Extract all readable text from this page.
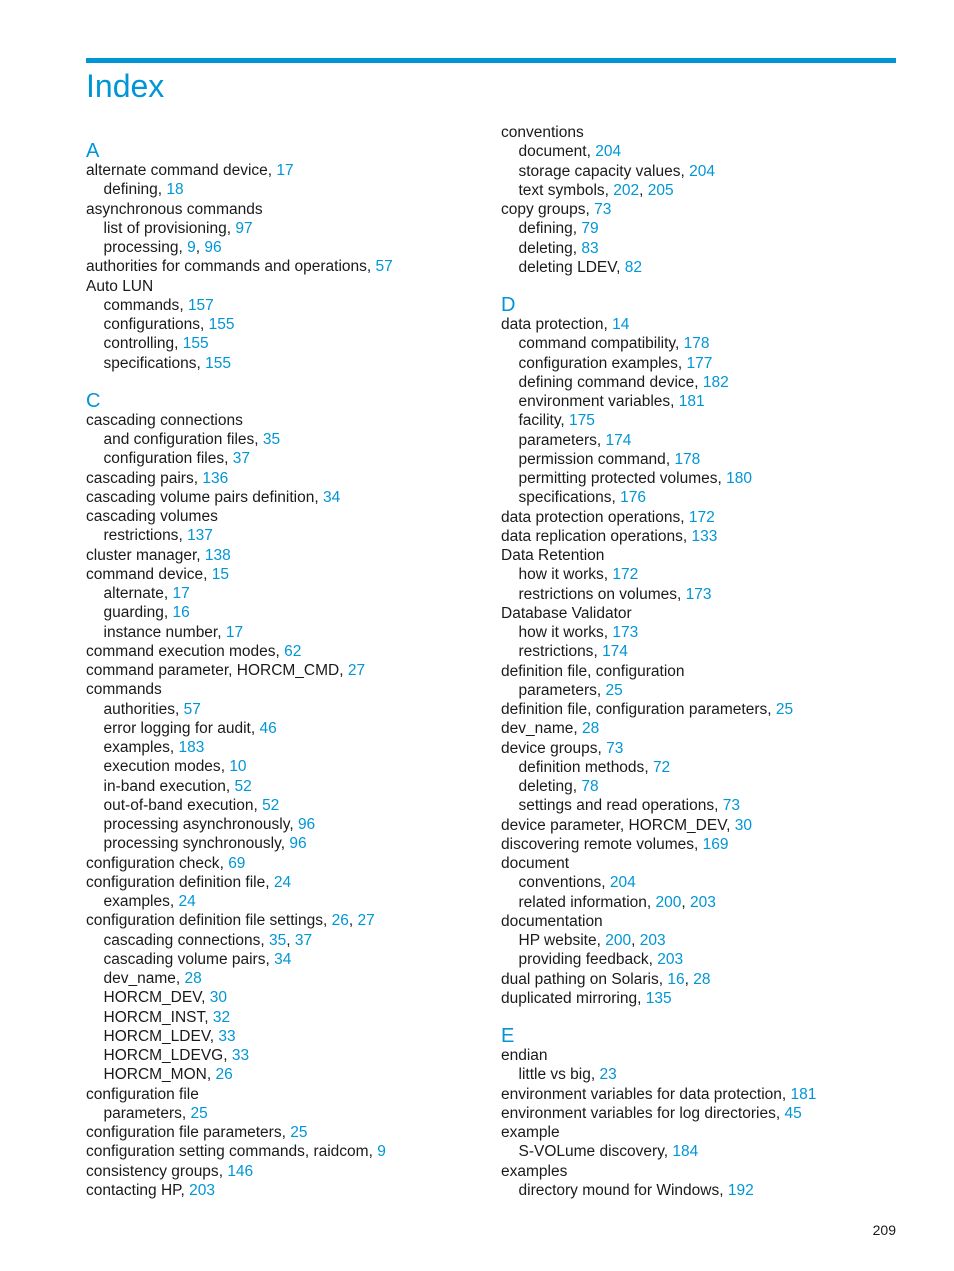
Index
A
alternate command device, 17
defining, 18
asynchronous commands
list of provisioning, 97
processing, 9, 96
authorities for commands and operations, 57
Auto LUN
commands, 157
configurations, 155
controlling, 155
specifications, 155
C
cascading connections
and configuration files, 35
configuration files, 37
cascading pairs, 136
cascading volume pairs definition, 34
cascading volumes
restrictions, 137
cluster manager, 138
command device, 15
alternate, 17
guarding, 16
instance number, 17
command execution modes, 62
command parameter, HORCM_CMD, 27
commands
authorities, 57
error logging for audit, 46
examples, 183
execution modes, 10
in-band execution, 52
out-of-band execution, 52
processing asynchronously, 96
processing synchronously, 96
configuration check, 69
configuration definition file, 24
examples, 24
configuration definition file settings, 26, 27
cascading connections, 35, 37
cascading volume pairs, 34
dev_name, 28
HORCM_DEV, 30
HORCM_INST, 32
HORCM_LDEV, 33
HORCM_LDEVG, 33
HORCM_MON, 26
configuration file
parameters, 25
configuration file parameters, 25
configuration setting commands, raidcom, 9
consistency groups, 146
contacting HP, 203
conventions
document, 204
storage capacity values, 204
text symbols, 202, 205
copy groups, 73
defining, 79
deleting, 83
deleting LDEV, 82
D
data protection, 14
command compatibility, 178
configuration examples, 177
defining command device, 182
environment variables, 181
facility, 175
parameters, 174
permission command, 178
permitting protected volumes, 180
specifications, 176
data protection operations, 172
data replication operations, 133
Data Retention
how it works, 172
restrictions on volumes, 173
Database Validator
how it works, 173
restrictions, 174
definition file, configuration
parameters, 25
definition file, configuration parameters, 25
dev_name, 28
device groups, 73
definition methods, 72
deleting, 78
settings and read operations, 73
device parameter, HORCM_DEV, 30
discovering remote volumes, 169
document
conventions, 204
related information, 200, 203
documentation
HP website, 200, 203
providing feedback, 203
dual pathing on Solaris, 16, 28
duplicated mirroring, 135
E
endian
little vs big, 23
environment variables for data protection, 181
environment variables for log directories, 45
example
S-VOLume discovery, 184
examples
directory mound for Windows, 192
209
